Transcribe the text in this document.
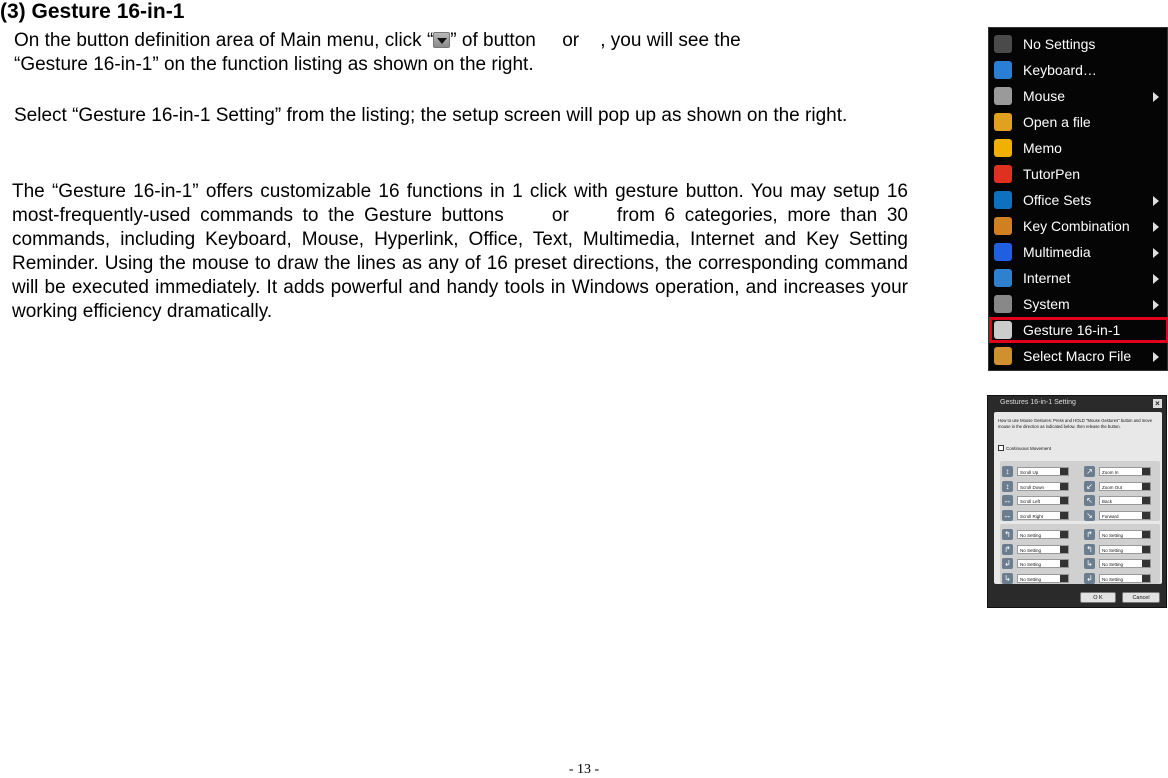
(3) Gesture 16-in-1

On the button definition area of Main menu, click “ ” of button     or    , you will see the
“Gesture 16-in-1” on the function listing as shown on the right.

Select “Gesture 16-in-1 Setting” from the listing; the setup screen will pop up as shown on the right.

The “Gesture 16-in-1” offers customizable 16 functions in 1 click with gesture button. You may setup 16 most-frequently-used commands to the Gesture buttons     or     from 6 categories, more than 30 commands, including Keyboard, Mouse, Hyperlink, Office, Text, Multimedia, Internet and Key Setting Reminder. Using the mouse to draw the lines as any of 16 preset directions, the corresponding command will be executed immediately. It adds powerful and handy tools in Windows operation, and increases your working efficiency dramatically.

No Settings
Keyboard…
Mouse
Open a file
Memo
TutorPen
Office Sets
Key Combination
Multimedia
Internet
System
Gesture 16-in-1
Select Macro File
Gestures 16-in-1 Setting	×
How to use Mouse Gestures: Press and HOLD "Mouse Gestures" button and move mouse in the direction as indicated below, then release the button.
Continuous Movement
↕	Scroll Up	↗	Zoom In
↕	Scroll Down	↙	Zoom Out
↔	Scroll Left	↖	Back
↔	Scroll Right	↘	Forward
↰	No Setting	↱	No Setting
↱	No Setting	↰	No Setting
↲	No Setting	↳	No Setting
↳	No Setting	↲	No Setting
O K	Cancel
- 13 -
